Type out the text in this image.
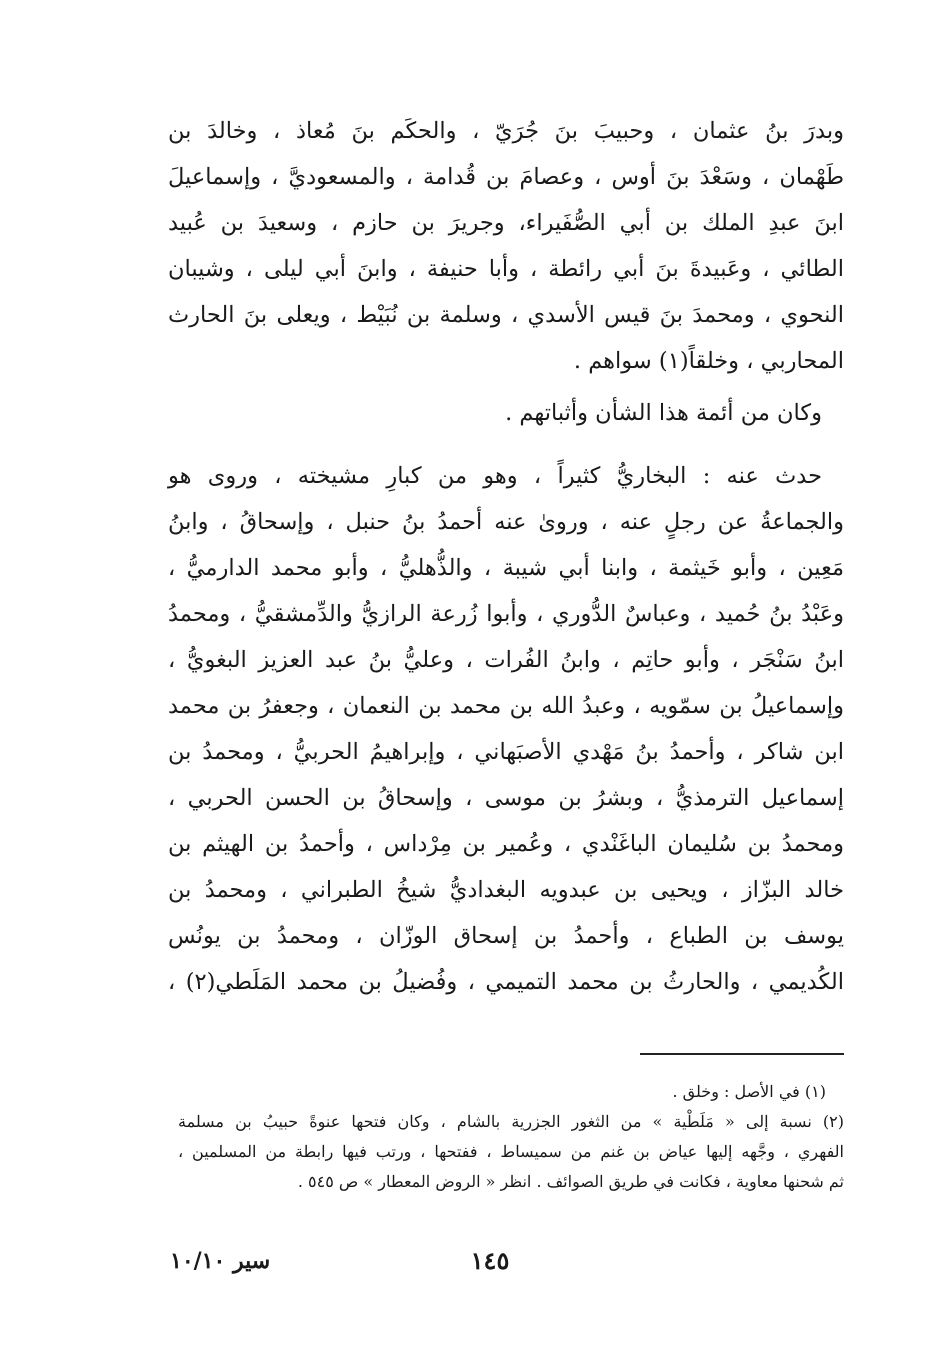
وبدرَ بنُ عثمان ، وحبيبَ بنَ جُرَيّ ، والحكَم بنَ مُعاذ ، وخالدَ بن
طَهْمان ، وسَعْدَ بنَ أوس ، وعصامَ بن قُدامة ، والمسعوديَّ ، وإسماعيلَ
ابنَ عبدِ الملك بن أبي الصُّفَيراء، وجريرَ بن حازم ، وسعيدَ بن عُبيد
الطائي ، وعَبيدةَ بنَ أبي رائطة ، وأبا حنيفة ، وابنَ أبي ليلى ، وشيبان
النحوي ، ومحمدَ بنَ قيس الأسدي ، وسلمة بن نُبَيْط ، ويعلى بنَ الحارث
المحاربي ، وخلقاً(١) سواهم .
وكان من أئمة هذا الشأن وأثباتهم .
حدث عنه : البخاريُّ كثيراً ، وهو من كبارِ مشيخته ، وروى هو
والجماعةُ عن رجلٍ عنه ، وروىٰ عنه أحمدُ بنُ حنبل ، وإسحاقُ ، وابنُ
مَعِين ، وأبو خَيثمة ، وابنا أبي شيبة ، والذُّهليُّ ، وأبو محمد الدارميُّ ،
وعَبْدُ بنُ حُميد ، وعباسٌ الدُّوري ، وأبوا زُرعة الرازيُّ والدِّمشقيُّ ، ومحمدُ
ابنُ سَنْجَر ، وأبو حاتِم ، وابنُ الفُرات ، وعليُّ بنُ عبد العزيز البغويُّ ،
وإسماعيلُ بن سمّويه ، وعبدُ الله بن محمد بن النعمان ، وجعفرُ بن محمد
ابن شاكر ، وأحمدُ بنُ مَهْدي الأصبَهاني ، وإبراهيمُ الحربيُّ ، ومحمدُ بن
إسماعيل الترمذيُّ ، وبشرُ بن موسى ، وإسحاقُ بن الحسن الحربي ،
ومحمدُ بن سُليمان الباغَنْدي ، وعُمير بن مِرْداس ، وأحمدُ بن الهيثم بن
خالد البزّاز ، ويحيى بن عبدويه البغداديُّ شيخُ الطبراني ، ومحمدُ بن
يوسف بن الطباع ، وأحمدُ بن إسحاق الوزّان ، ومحمدُ بن يونُس
الكُديمي ، والحارثُ بن محمد التميمي ، وفُضيلُ بن محمد المَلَطي(٢) ،
(١) في الأصل : وخلق .
(٢) نسبة إلى « مَلَطْية » من الثغور الجزرية بالشام ، وكان فتحها عنوةً حبيبُ بن مسلمة
الفهري ، وجَّهه إليها عياض بن غنم من سميساط ، ففتحها ، ورتب فيها رابطة من المسلمين ،
ثم شحنها معاوية ، فكانت في طريق الصوائف . انظر « الروض المعطار » ص ٥٤٥ .
١٤٥
سير ١٠/١٠
